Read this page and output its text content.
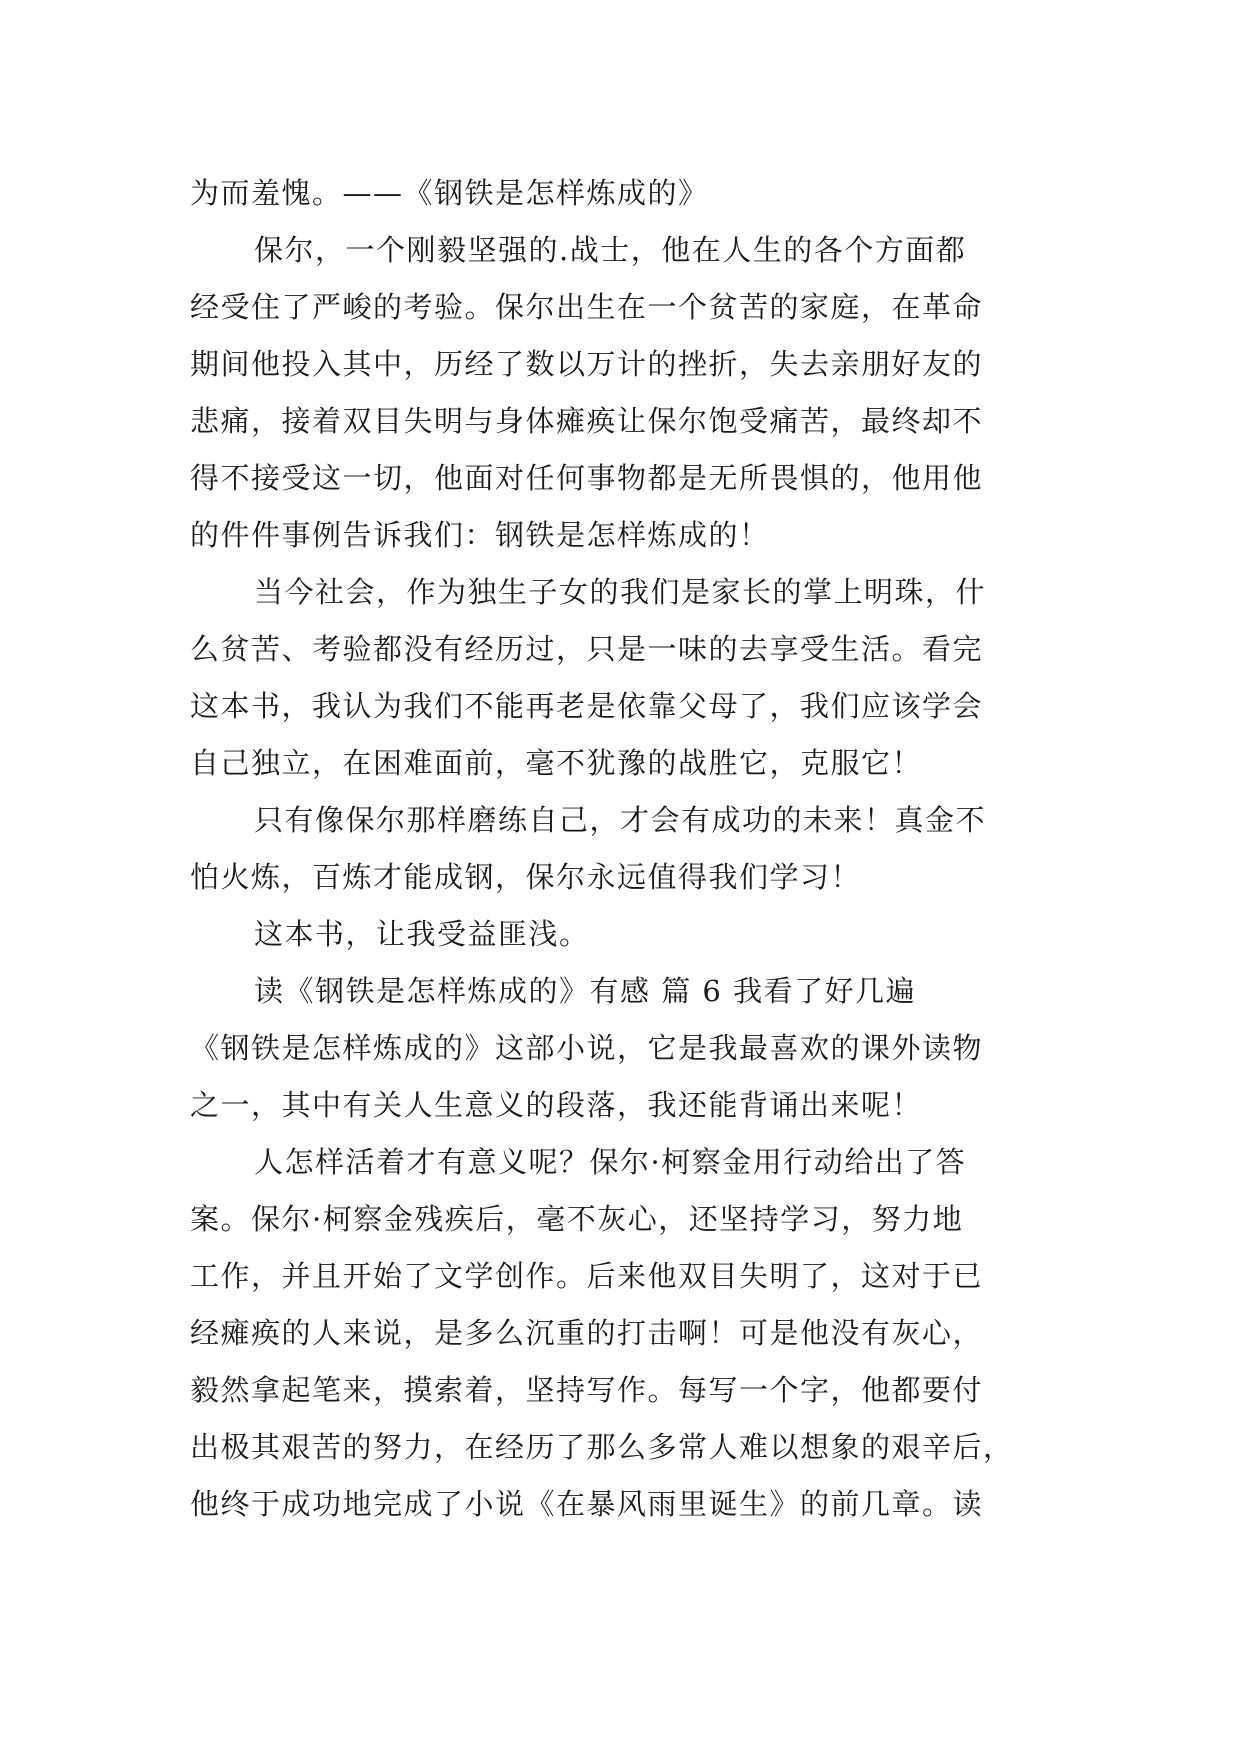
为而羞愧。——《钢铁是怎样炼成的》
保尔，一个刚毅坚强的.战士，他在人生的各个方面都
经受住了严峻的考验。保尔出生在一个贫苦的家庭，在革命
期间他投入其中，历经了数以万计的挫折，失去亲朋好友的
悲痛，接着双目失明与身体瘫痪让保尔饱受痛苦，最终却不
得不接受这一切，他面对任何事物都是无所畏惧的，他用他
的件件事例告诉我们：钢铁是怎样炼成的！
当今社会，作为独生子女的我们是家长的掌上明珠，什
么贫苦、考验都没有经历过，只是一味的去享受生活。看完
这本书，我认为我们不能再老是依靠父母了，我们应该学会
自己独立，在困难面前，毫不犹豫的战胜它，克服它！
只有像保尔那样磨练自己，才会有成功的未来！真金不
怕火炼，百炼才能成钢，保尔永远值得我们学习！
这本书，让我受益匪浅。
读《钢铁是怎样炼成的》有感 篇 6 我看了好几遍
《钢铁是怎样炼成的》这部小说，它是我最喜欢的课外读物
之一，其中有关人生意义的段落，我还能背诵出来呢！
人怎样活着才有意义呢？保尔·柯察金用行动给出了答
案。保尔·柯察金残疾后，毫不灰心，还坚持学习，努力地
工作，并且开始了文学创作。后来他双目失明了，这对于已
经瘫痪的人来说，是多么沉重的打击啊！可是他没有灰心，
毅然拿起笔来，摸索着，坚持写作。每写一个字，他都要付
出极其艰苦的努力，在经历了那么多常人难以想象的艰辛后，
他终于成功地完成了小说《在暴风雨里诞生》的前几章。读
